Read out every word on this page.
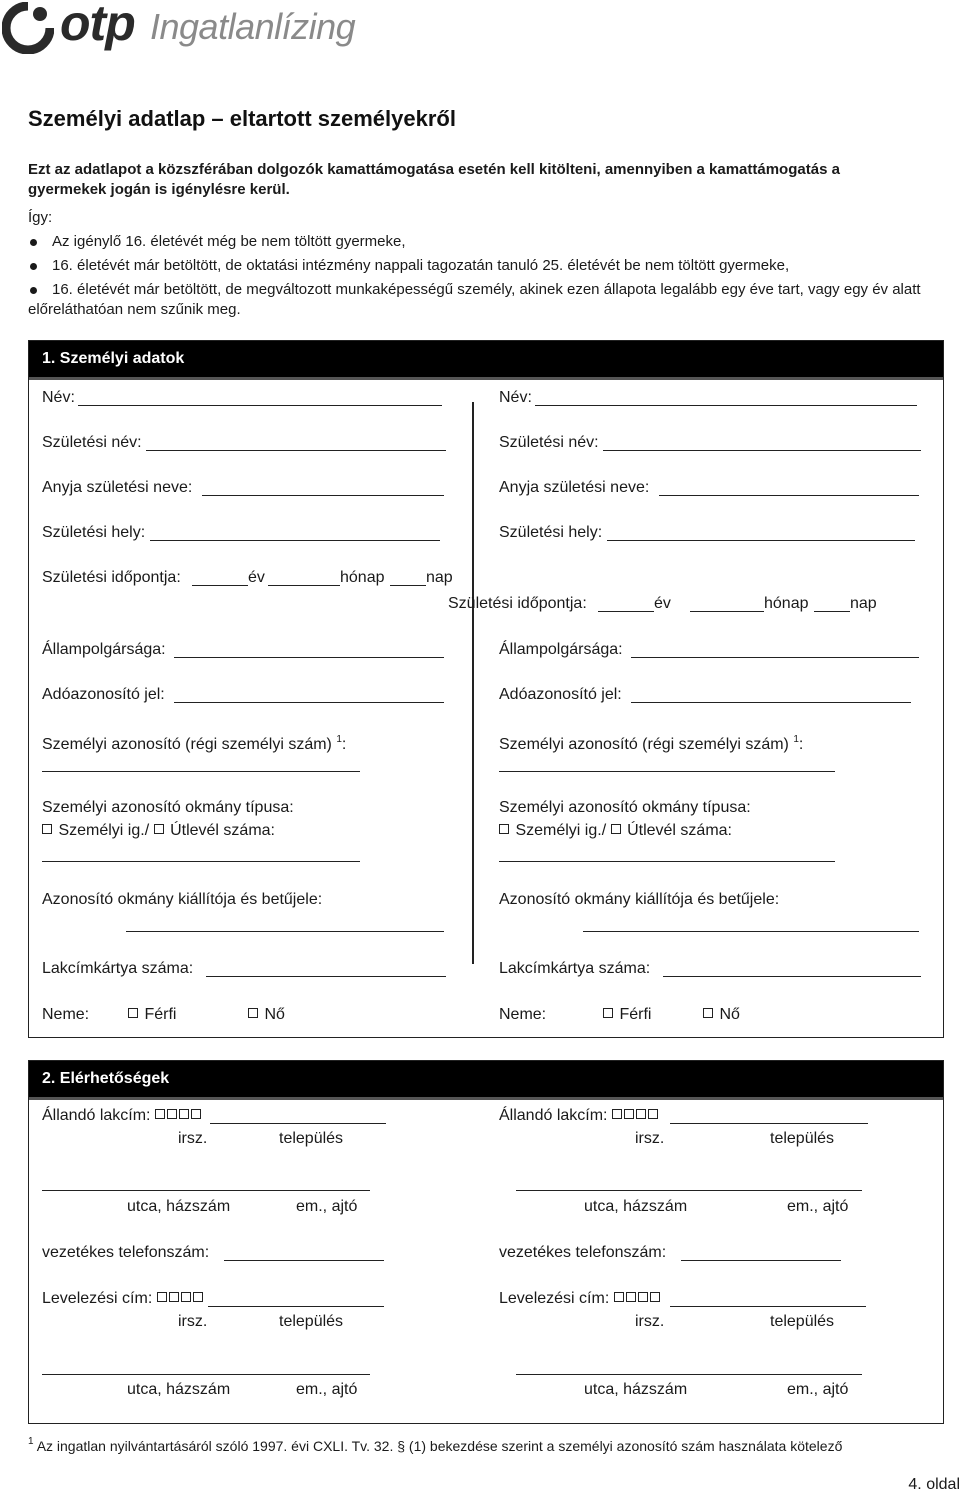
otp Ingatlanlízing
Személyi adatlap – eltartott személyekről
Ezt az adatlapot a közszférában dolgozók kamattámogatása esetén kell kitölteni, amennyiben a kamattámogatás a
gyermekek jogán is igénylésre kerül.
Így:
Az igénylő 16. életévét még be nem töltött gyermeke,
16. életévét már betöltött, de oktatási intézmény nappali tagozatán tanuló 25. életévét be nem töltött gyermeke,
16. életévét már betöltött, de megváltozott munkaképességű személy, akinek ezen állapota legalább egy éve tart, vagy egy év alatt előreláthatóan nem szűnik meg.
1. Személyi adatok
Név:
Születési név:
Anyja születési neve:
Születési hely:
Születési időpontja:	év	hónap	nap
Állampolgársága:
Adóazonosító jel:
Személyi azonosító (régi személyi szám) $^1$:
Személyi azonosító okmány típusa:
Személyi ig./ Útlevél száma:
Azonosító okmány kiállítója és betűjele:
Lakcímkártya száma:
Neme:	Férfi	Nő
Név:
Születési név:
Anyja születési neve:
Születési hely:
Születési időpontja:	év	hónap	nap
Állampolgársága:
Adóazonosító jel:
Személyi azonosító (régi személyi szám) $^1$:
Személyi azonosító okmány típusa:
Személyi ig./ Útlevél száma:
Azonosító okmány kiállítója és betűjele:
Lakcímkártya száma:
Neme:	Férfi	Nő
2. Elérhetőségek
Állandó lakcím:
irsz.	település
utca, házszám	em., ajtó
vezetékes telefonszám:
Levelezési cím:
irsz.	település
utca, házszám	em., ajtó
Állandó lakcím:
irsz.	település
utca, házszám	em., ajtó
vezetékes telefonszám:
Levelezési cím:
irsz.	település
utca, házszám	em., ajtó
$^1$ Az ingatlan nyilvántartásáról szóló 1997. évi CXLI. Tv. 32. § (1) bekezdése szerint a személyi azonosító szám használata kötelező
4. oldal
